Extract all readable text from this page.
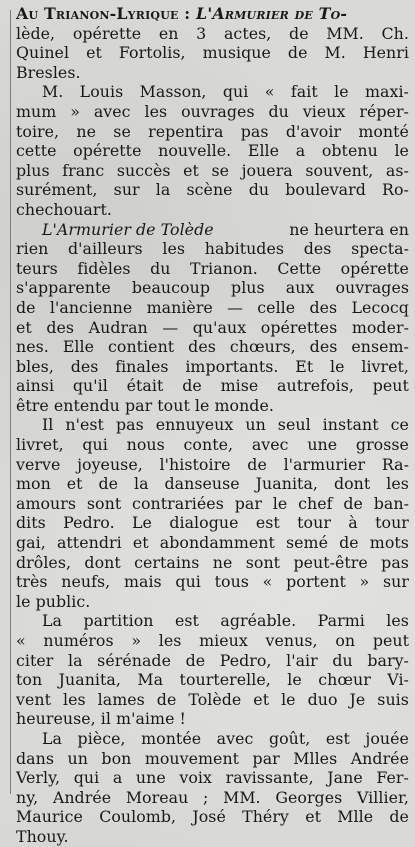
Au Trianon-Lyrique : L'Armurier de To-
lède, opérette en 3 actes, de MM. Ch.
Quinel et Fortolis, musique de M. Henri
Bresles.
M. Louis Masson, qui « fait le maxi-
mum » avec les ouvrages du vieux réper-
toire, ne se repentira pas d'avoir monté
cette opérette nouvelle. Elle a obtenu le
plus franc succès et se jouera souvent, as-
surément, sur la scène du boulevard Ro-
chechouart.
L'Armurier de Tolède	ne heurtera en
rien d'ailleurs les habitudes des specta-
teurs fidèles du Trianon. Cette opérette
s'apparente beaucoup plus aux ouvrages
de l'ancienne manière — celle des Lecocq
et des Audran — qu'aux opérettes moder-
nes. Elle contient des chœurs, des ensem-
bles, des finales importants. Et le livret,
ainsi qu'il était de mise autrefois, peut
être entendu par tout le monde.
Il n'est pas ennuyeux un seul instant ce
livret, qui nous conte, avec une grosse
verve joyeuse, l'histoire de l'armurier Ra-
mon et de la danseuse Juanita, dont les
amours sont contrariées par le chef de ban-
dits Pedro. Le dialogue est tour à tour
gai, attendri et abondamment semé de mots
drôles, dont certains ne sont peut-être pas
très neufs, mais qui tous « portent » sur
le public.
La partition est agréable. Parmi les
« numéros » les mieux venus, on peut
citer la sérénade de Pedro, l'air du bary-
ton Juanita, Ma tourterelle, le chœur Vi-
vent les lames de Tolède et le duo Je suis
heureuse, il m'aime !
La pièce, montée avec goût, est jouée
dans un bon mouvement par Mlles Andrée
Verly, qui a une voix ravissante, Jane Fer-
ny, Andrée Moreau ; MM. Georges Villier,
Maurice Coulomb, José Théry et Mlle de
Thouy.
